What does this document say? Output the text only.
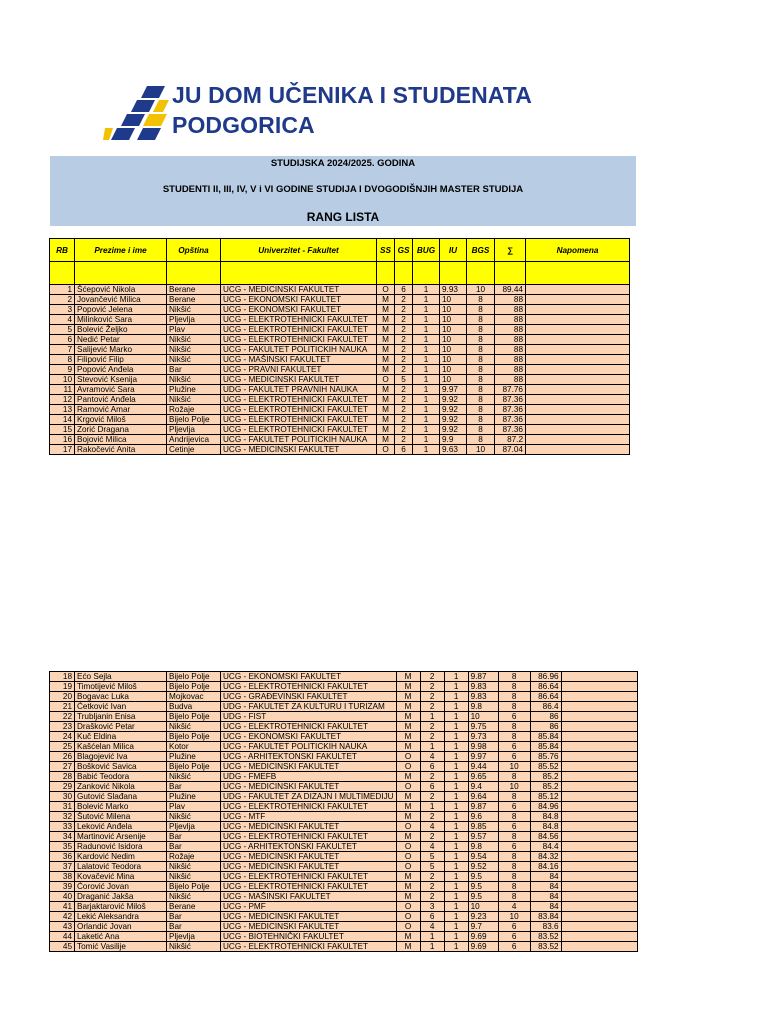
JU DOM UČENIKA I STUDENATA
PODGORICA
STUDIJSKA 2024/2025. GODINA
STUDENTI II, III, IV, V i VI GODINE STUDIJA I DVOGODIŠNJIH MASTER STUDIJA
RANG LISTA
RB	Prezime i ime	Opština	Univerzitet - Fakultet	SS	GS	BUG	IU	BGS	∑	Napomena

1	Šćepović Nikola	Berane	UCG - MEDICINSKI FAKULTET	O	6	1	9.93	10	89.44	
2	Jovančević Milica	Berane	UCG - EKONOMSKI FAKULTET	M	2	1	10	8	88	
3	Popović Jelena	Nikšić	UCG - EKONOMSKI FAKULTET	M	2	1	10	8	88	
4	Milinković Sara	Pljevlja	UCG - ELEKTROTEHNICKI FAKULTET	M	2	1	10	8	88	
5	Bolević Željko	Plav	UCG - ELEKTROTEHNICKI FAKULTET	M	2	1	10	8	88	
6	Nedić Petar	Nikšić	UCG - ELEKTROTEHNICKI FAKULTET	M	2	1	10	8	88	
7	Salijević Marko	Nikšić	UCG - FAKULTET POLITICKIH NAUKA	M	2	1	10	8	88	
8	Filipović Filip	Nikšić	UCG - MAŠINSKI FAKULTET	M	2	1	10	8	88	
9	Popović Anđela	Bar	UCG - PRAVNI FAKULTET	M	2	1	10	8	88	
10	Stevović Ksenija	Nikšić	UCG - MEDICINSKI FAKULTET	O	5	1	10	8	88	
11	Avramović Sara	Plužine	UDG - FAKULTET PRAVNIH NAUKA	M	2	1	9.97	8	87.76	
12	Pantović Anđela	Nikšić	UCG - ELEKTROTEHNICKI FAKULTET	M	2	1	9.92	8	87.36	
13	Ramović Amar	Rožaje	UCG - ELEKTROTEHNICKI FAKULTET	M	2	1	9.92	8	87.36	
14	Krgović Miloš	Bijelo Polje	UCG - ELEKTROTEHNICKI FAKULTET	M	2	1	9.92	8	87.36	
15	Zorić Dragana	Pljevlja	UCG - ELEKTROTEHNICKI FAKULTET	M	2	1	9.92	8	87.36	
16	Bojović Milica	Andrijevica	UCG - FAKULTET POLITICKIH NAUKA	M	2	1	9.9	8	87.2	
17	Rakočević Anita	Cetinje	UCG - MEDICINSKI FAKULTET	O	6	1	9.63	10	87.04	
18	Ećo Sejla	Bijelo Polje	UCG - EKONOMSKI FAKULTET	M	2	1	9.87	8	86.96	
19	Timotijević Miloš	Bijelo Polje	UCG - ELEKTROTEHNICKI FAKULTET	M	2	1	9.83	8	86.64	
20	Bogavac Luka	Mojkovac	UCG - GRAĐEVINSKI FAKULTET	M	2	1	9.83	8	86.64	
21	Ćetković Ivan	Budva	UDG - FAKULTET ZA KULTURU I TURIZAM	M	2	1	9.8	8	86.4	
22	Trubljanin Enisa	Bijelo Polje	UDG - FIST	M	1	1	10	6	86	
23	Drašković Petar	Nikšić	UCG - ELEKTROTEHNICKI FAKULTET	M	2	1	9.75	8	86	
24	Kuč Eldina	Bijelo Polje	UCG - EKONOMSKI FAKULTET	M	2	1	9.73	8	85.84	
25	Kašćelan Milica	Kotor	UCG - FAKULTET POLITICKIH NAUKA	M	1	1	9.98	6	85.84	
26	Blagojević Iva	Plužine	UCG - ARHITEKTONSKI FAKULTET	O	4	1	9.97	6	85.76	
27	Bošković Savica	Bijelo Polje	UCG - MEDICINSKI FAKULTET	O	6	1	9.44	10	85.52	
28	Babić Teodora	Nikšić	UDG - FMEFB	M	2	1	9.65	8	85.2	
29	Zanković Nikola	Bar	UCG - MEDICINSKI FAKULTET	O	6	1	9.4	10	85.2	
30	Gutović Slađana	Plužine	UDG - FAKULTET ZA DIZAJN I MULTIMEDIJU	M	2	1	9.64	8	85.12	
31	Bolević Marko	Plav	UCG - ELEKTROTEHNICKI FAKULTET	M	1	1	9.87	6	84.96	
32	Šutović Milena	Nikšić	UCG - MTF	M	2	1	9.6	8	84.8	
33	Leković Anđela	Pljevlja	UCG - MEDICINSKI FAKULTET	O	4	1	9.85	6	84.8	
34	Martinović Arsenije	Bar	UCG - ELEKTROTEHNICKI FAKULTET	M	2	1	9.57	8	84.56	
35	Radunović Isidora	Bar	UCG - ARHITEKTONSKI FAKULTET	O	4	1	9.8	6	84.4	
36	Kardović Nedim	Rožaje	UCG - MEDICINSKI FAKULTET	O	5	1	9.54	8	84.32	
37	Lalatović Teodora	Nikšić	UCG - MEDICINSKI FAKULTET	O	5	1	9.52	8	84.16	
38	Kovačević Mina	Nikšić	UCG - ELEKTROTEHNICKI FAKULTET	M	2	1	9.5	8	84	
39	Ćorović Jovan	Bijelo Polje	UCG - ELEKTROTEHNICKI FAKULTET	M	2	1	9.5	8	84	
40	Draganić Jakša	Nikšić	UCG - MAŠINSKI FAKULTET	M	2	1	9.5	8	84	
41	Barjaktarović Miloš	Berane	UCG - PMF	O	3	1	10	4	84	
42	Lekić Aleksandra	Bar	UCG - MEDICINSKI FAKULTET	O	6	1	9.23	10	83.84	
43	Orlandić Jovan	Bar	UCG - MEDICINSKI FAKULTET	O	4	1	9.7	6	83.6	
44	Laketić Ana	Pljevlja	UCG - BIOTEHNIČKI FAKULTET	M	1	1	9.69	6	83.52	
45	Tomić Vasilije	Nikšić	UCG - ELEKTROTEHNICKI FAKULTET	M	1	1	9.69	6	83.52	
